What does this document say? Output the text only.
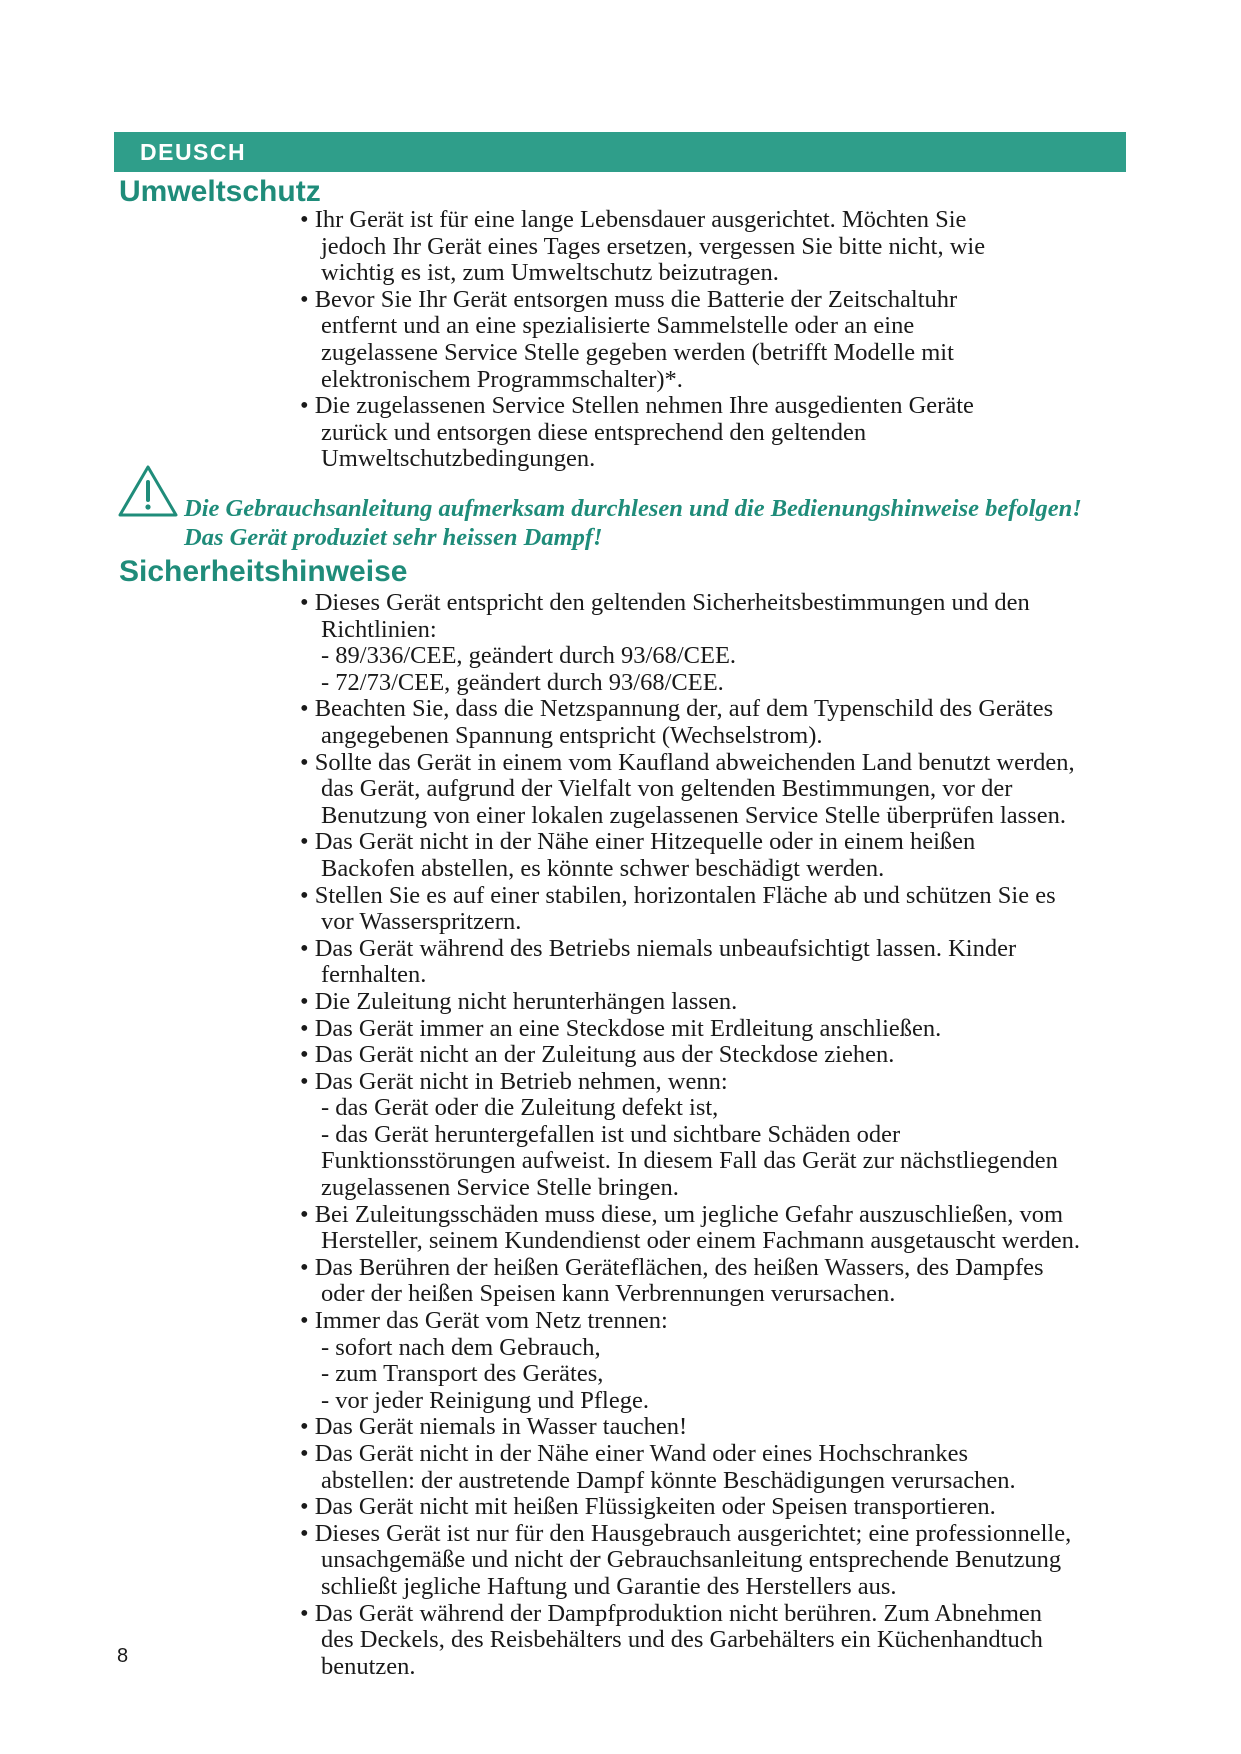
DEUSCH
Umweltschutz
• Ihr Gerät ist für eine lange Lebensdauer ausgerichtet. Möchten Sie
jedoch Ihr Gerät eines Tages ersetzen, vergessen Sie bitte nicht, wie
wichtig es ist, zum Umweltschutz beizutragen.
• Bevor Sie Ihr Gerät entsorgen muss die Batterie der Zeitschaltuhr
entfernt und an eine spezialisierte Sammelstelle oder an eine
zugelassene Service Stelle gegeben werden (betrifft Modelle mit
elektronischem Programmschalter)*.
• Die zugelassenen Service Stellen nehmen Ihre ausgedienten Geräte
zurück und entsorgen diese entsprechend den geltenden
Umweltschutzbedingungen.
Die Gebrauchsanleitung aufmerksam durchlesen und die Bedienungshinweise befolgen!
Das Gerät produziet sehr heissen Dampf!
Sicherheitshinweise
• Dieses Gerät entspricht den geltenden Sicherheitsbestimmungen und den
Richtlinien:
- 89/336/CEE, geändert durch 93/68/CEE.
- 72/73/CEE, geändert durch 93/68/CEE.
• Beachten Sie, dass die Netzspannung der, auf dem Typenschild des Gerätes
angegebenen Spannung entspricht (Wechselstrom).
• Sollte das Gerät in einem vom Kaufland abweichenden Land benutzt werden,
das Gerät, aufgrund der Vielfalt von geltenden Bestimmungen, vor der
Benutzung von einer lokalen zugelassenen Service Stelle überprüfen lassen.
• Das Gerät nicht in der Nähe einer Hitzequelle oder in einem heißen
Backofen abstellen, es könnte schwer beschädigt werden.
• Stellen Sie es auf einer stabilen, horizontalen Fläche ab und schützen Sie es
vor Wasserspritzern.
• Das Gerät während des Betriebs niemals unbeaufsichtigt lassen. Kinder
fernhalten.
• Die Zuleitung nicht herunterhängen lassen.
• Das Gerät immer an eine Steckdose mit Erdleitung anschließen.
• Das Gerät nicht an der Zuleitung aus der Steckdose ziehen.
• Das Gerät nicht in Betrieb nehmen, wenn:
- das Gerät oder die Zuleitung defekt ist,
- das Gerät heruntergefallen ist und sichtbare Schäden oder
Funktionsstörungen aufweist. In diesem Fall das Gerät zur nächstliegenden
zugelassenen Service Stelle bringen.
• Bei Zuleitungsschäden muss diese, um jegliche Gefahr auszuschließen, vom
Hersteller, seinem Kundendienst oder einem Fachmann ausgetauscht werden.
• Das Berühren der heißen Geräteflächen, des heißen Wassers, des Dampfes
oder der heißen Speisen kann Verbrennungen verursachen.
• Immer das Gerät vom Netz trennen:
- sofort nach dem Gebrauch,
- zum Transport des Gerätes,
- vor jeder Reinigung und Pflege.
• Das Gerät niemals in Wasser tauchen!
• Das Gerät nicht in der Nähe einer Wand oder eines Hochschrankes
abstellen: der austretende Dampf könnte Beschädigungen verursachen.
• Das Gerät nicht mit heißen Flüssigkeiten oder Speisen transportieren.
• Dieses Gerät ist nur für den Hausgebrauch ausgerichtet; eine professionnelle,
unsachgemäße und nicht der Gebrauchsanleitung entsprechende Benutzung
schließt jegliche Haftung und Garantie des Herstellers aus.
• Das Gerät während der Dampfproduktion nicht berühren. Zum Abnehmen
des Deckels, des Reisbehälters und des Garbehälters ein Küchenhandtuch
benutzen.
8
